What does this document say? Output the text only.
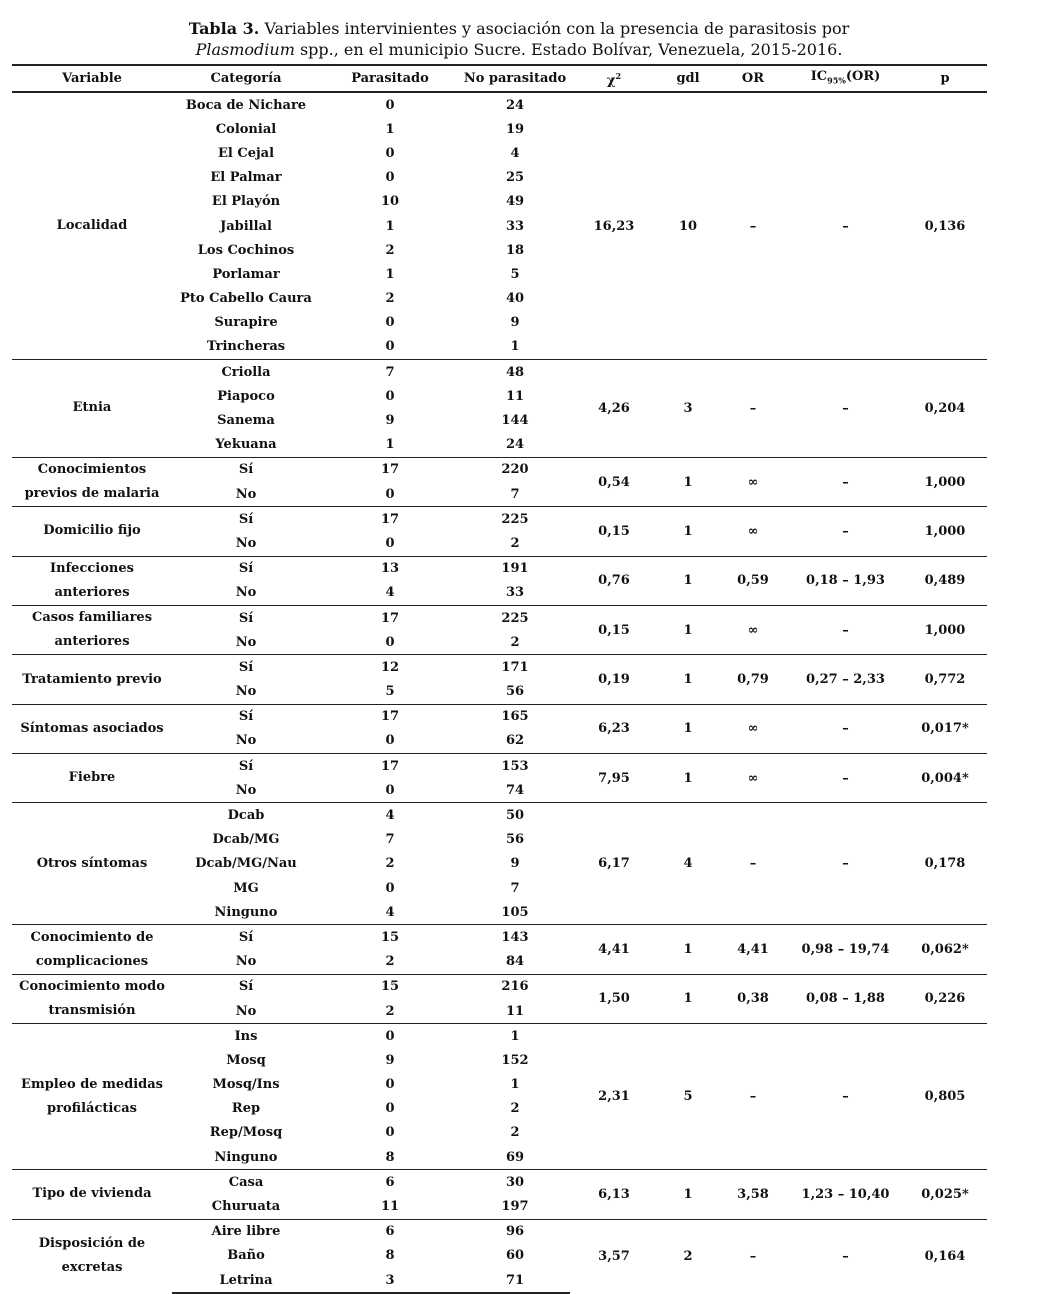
Tabla 3. Variables intervinientes y asociación con la presencia de parasitosis por
Plasmodium spp., en el municipio Sucre. Estado Bolívar, Venezuela, 2015-2016.
Variable	Categoría	Parasitado	No parasitado	$\chi^2$	gdl	OR	$IC_{95\%}(OR)$	p
Localidad	Boca de Nichare	0	24	16,23	10	–	–	0,136
	Colonial	1	19					
	El Cejal	0	4					
	El Palmar	0	25					
	El Playón	10	49					
	Jabillal	1	33					
	Los Cochinos	2	18					
	Porlamar	1	5					
	Pto Cabello Caura	2	40					
	Surapire	0	9					
	Trincheras	0	1					
Etnia	Criolla	7	48	4,26	3	–	–	0,204
	Piapoco	0	11					
	Sanema	9	144					
	Yekuana	1	24					
Conocimientos previos de malaria	Sí	17	220	0,54	1	∞	–	1,000
	No	0	7					
Domicilio fijo	Sí	17	225	0,15	1	∞	–	1,000
	No	0	2					
Infecciones anteriores	Sí	13	191	0,76	1	0,59	0,18 – 1,93	0,489
	No	4	33					
Casos familiares anteriores	Sí	17	225	0,15	1	∞	–	1,000
	No	0	2					
Tratamiento previo	Sí	12	171	0,19	1	0,79	0,27 – 2,33	0,772
	No	5	56					
Síntomas asociados	Sí	17	165	6,23	1	∞	–	0,017*
	No	0	62					
Fiebre	Sí	17	153	7,95	1	∞	–	0,004*
	No	0	74					
Otros síntomas	Dcab	4	50	6,17	4	–	–	0,178
	Dcab/MG	7	56					
	Dcab/MG/Nau	2	9					
	MG	0	7					
	Ninguno	4	105					
Conocimiento de complicaciones	Sí	15	143	4,41	1	4,41	0,98 – 19,74	0,062*
	No	2	84					
Conocimiento modo transmisión	Sí	15	216	1,50	1	0,38	0,08 – 1,88	0,226
	No	2	11					
Empleo de medidas profilácticas	Ins	0	1	2,31	5	–	–	0,805
	Mosq	9	152					
	Mosq/Ins	0	1					
	Rep	0	2					
	Rep/Mosq	0	2					
	Ninguno	8	69					
Tipo de vivienda	Casa	6	30	6,13	1	3,58	1,23 – 10,40	0,025*
	Churuata	11	197					
Disposición de excretas	Aire libre	6	96	3,57	2	–	–	0,164
	Baño	8	60					
	Letrina	3	71					
